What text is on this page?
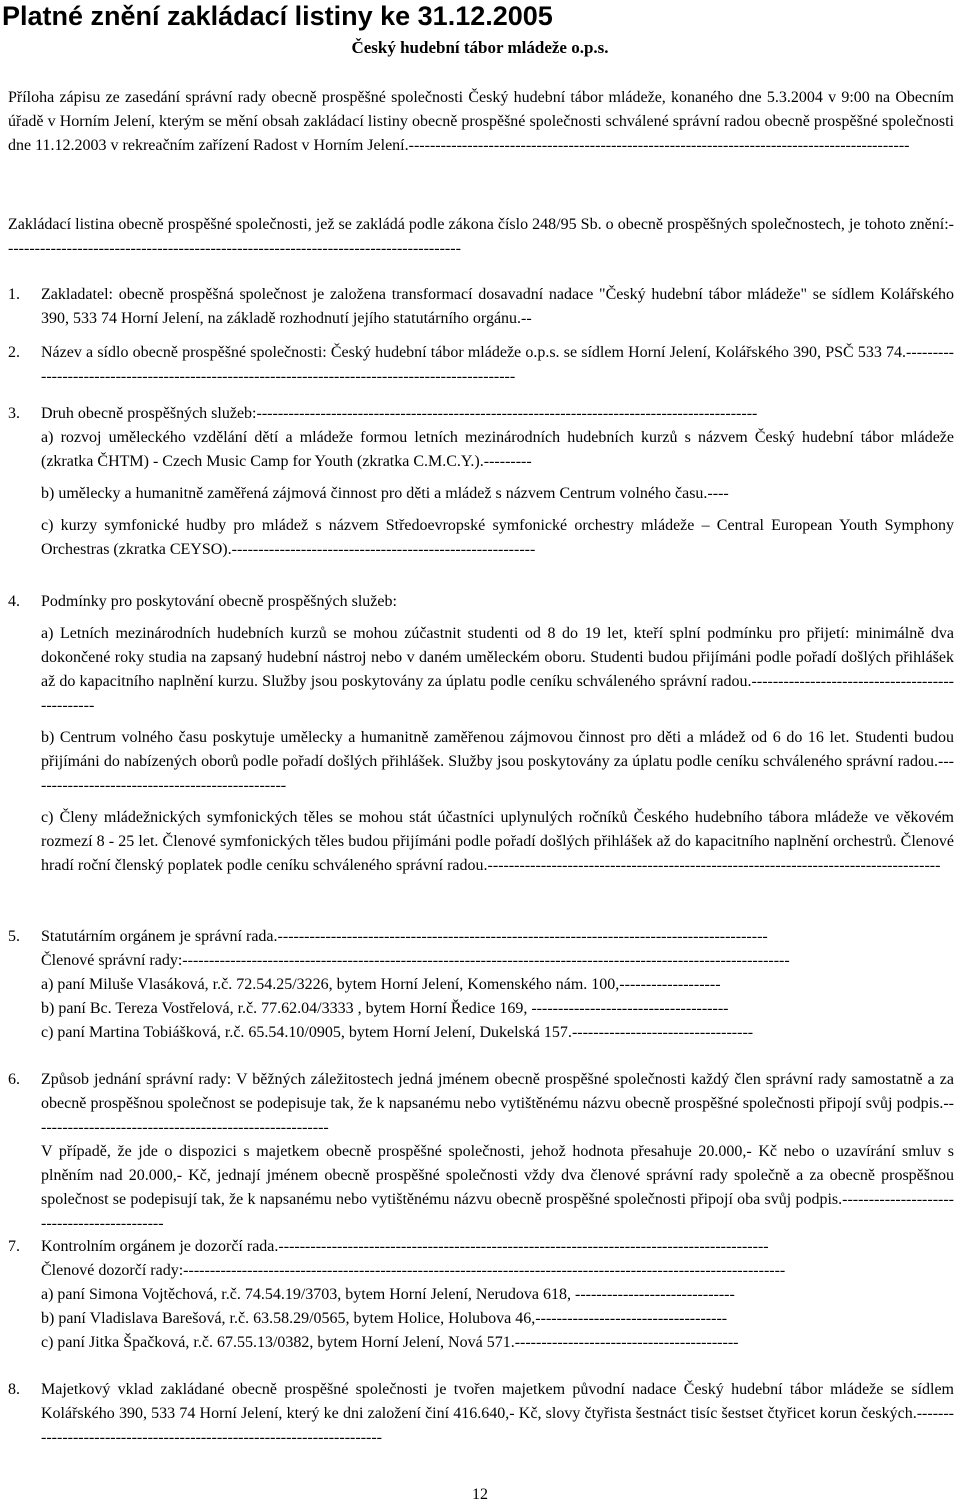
Platné znění zakládací listiny ke 31.12.2005
Český hudební tábor mládeže o.p.s.
Příloha zápisu ze zasedání správní rady obecně prospěšné společnosti Český hudební tábor mládeže, konaného dne 5.3.2004 v 9:00 na Obecním úřadě v Horním Jelení, kterým se mění obsah zakládací listiny obecně prospěšné společnosti schválené správní radou obecně prospěšné společnosti dne 11.12.2003 v rekreačním zařízení Radost v Horním Jelení.----------------------------------------------------------------------------------------------
Zakládací listina obecně prospěšné společnosti, jež se zakládá podle zákona číslo 248/95 Sb. o obecně prospěšných společnostech, je tohoto znění:--------------------------------------------------------------------------------------
1.	Zakladatel: obecně prospěšná společnost je založena transformací dosavadní nadace "Český hudební tábor mládeže" se sídlem Kolářského 390, 533 74 Horní Jelení, na základě rozhodnutí jejího statutárního orgánu.--
2.	Název a sídlo obecně prospěšné společnosti: Český hudební tábor mládeže o.p.s. se sídlem Horní Jelení, Kolářského 390, PSČ 533 74.--------------------------------------------------------------------------------------------------
3.	Druh obecně prospěšných služeb:----------------------------------------------------------------------------------------------
a) rozvoj uměleckého vzdělání dětí a mládeže formou letních mezinárodních hudebních kurzů s názvem Český hudební tábor mládeže (zkratka ČHTM) - Czech Music Camp for Youth (zkratka C.M.C.Y.).---------
b) umělecky a humanitně zaměřená zájmová činnost pro děti a mládež s názvem Centrum volného času.----
c) kurzy symfonické hudby pro mládež s názvem Středoevropské symfonické orchestry mládeže – Central European Youth Symphony Orchestras (zkratka CEYSO).---------------------------------------------------------
4.	Podmínky pro poskytování obecně prospěšných služeb:
a) Letních mezinárodních hudebních kurzů se mohou zúčastnit studenti od 8 do 19 let, kteří splní podmínku pro přijetí: minimálně dva dokončené roky studia na zapsaný hudební nástroj nebo v daném uměleckém oboru. Studenti budou přijímáni podle pořadí došlých přihlášek až do kapacitního naplnění kurzu. Služby jsou poskytovány za úplatu podle ceníku schváleného správní radou.------------------------------------------------
b) Centrum volného času poskytuje umělecky a humanitně zaměřenou zájmovou činnost pro děti a mládež od 6 do 16 let. Studenti budou přijímáni do nabízených oborů podle pořadí došlých přihlášek. Služby jsou poskytovány za úplatu podle ceníku schváleného správní radou.-------------------------------------------------
c) Členy mládežnických symfonických těles se mohou stát účastníci uplynulých ročníků Českého hudebního tábora mládeže ve věkovém rozmezí 8 - 25 let. Členové symfonických těles budou přijímáni podle pořadí došlých přihlášek až do kapacitního naplnění orchestrů. Členové hradí roční členský poplatek podle ceníku schváleného správní radou.-------------------------------------------------------------------------------------
5.	Statutárním orgánem je správní rada.--------------------------------------------------------------------------------------------
Členové správní rady:------------------------------------------------------------------------------------------------------------------
a) paní Miluše Vlasáková, r.č. 72.54.25/3226, bytem Horní Jelení, Komenského nám. 100,-------------------
b) paní Bc. Tereza Vostřelová, r.č. 77.62.04/3333 , bytem Horní Ředice 169, -------------------------------------
c) paní Martina Tobiášková, r.č. 65.54.10/0905, bytem Horní Jelení, Dukelská 157.----------------------------------
6.	Způsob jednání správní rady: V běžných záležitostech jedná jménem obecně prospěšné společnosti každý člen správní rady samostatně a za obecně prospěšnou společnost se podepisuje tak, že k napsanému nebo vytištěnému názvu obecně prospěšné společnosti připojí svůj podpis.--------------------------------------------------------
V případě, že jde o dispozici s majetkem obecně prospěšné společnosti, jehož hodnota přesahuje 20.000,- Kč nebo o uzavírání smluv s plněním nad 20.000,- Kč, jednají jménem obecně prospěšné společnosti vždy dva členové správní rady společně a za obecně prospěšnou společnost se podepisují tak, že k napsanému nebo vytištěnému názvu obecně prospěšné společnosti připojí oba svůj podpis.--------------------------------------------
7.	Kontrolním orgánem je dozorčí rada.--------------------------------------------------------------------------------------------
Členové dozorčí rady:-----------------------------------------------------------------------------------------------------------------
a) paní Simona Vojtěchová, r.č. 74.54.19/3703, bytem Horní Jelení, Nerudova 618, ------------------------------
b) paní Vladislava Barešová, r.č. 63.58.29/0565, bytem Holice, Holubova 46,------------------------------------
c) paní Jitka Špačková, r.č. 67.55.13/0382, bytem Horní Jelení, Nová 571.------------------------------------------
8.	Majetkový vklad zakládané obecně prospěšné společnosti je tvořen majetkem původní nadace Český hudební tábor mládeže se sídlem Kolářského 390, 533 74 Horní Jelení, který ke dni založení činí 416.640,- Kč, slovy čtyřista šestnáct tisíc šestset čtyřicet korun českých.-----------------------------------------------------------------------
12
